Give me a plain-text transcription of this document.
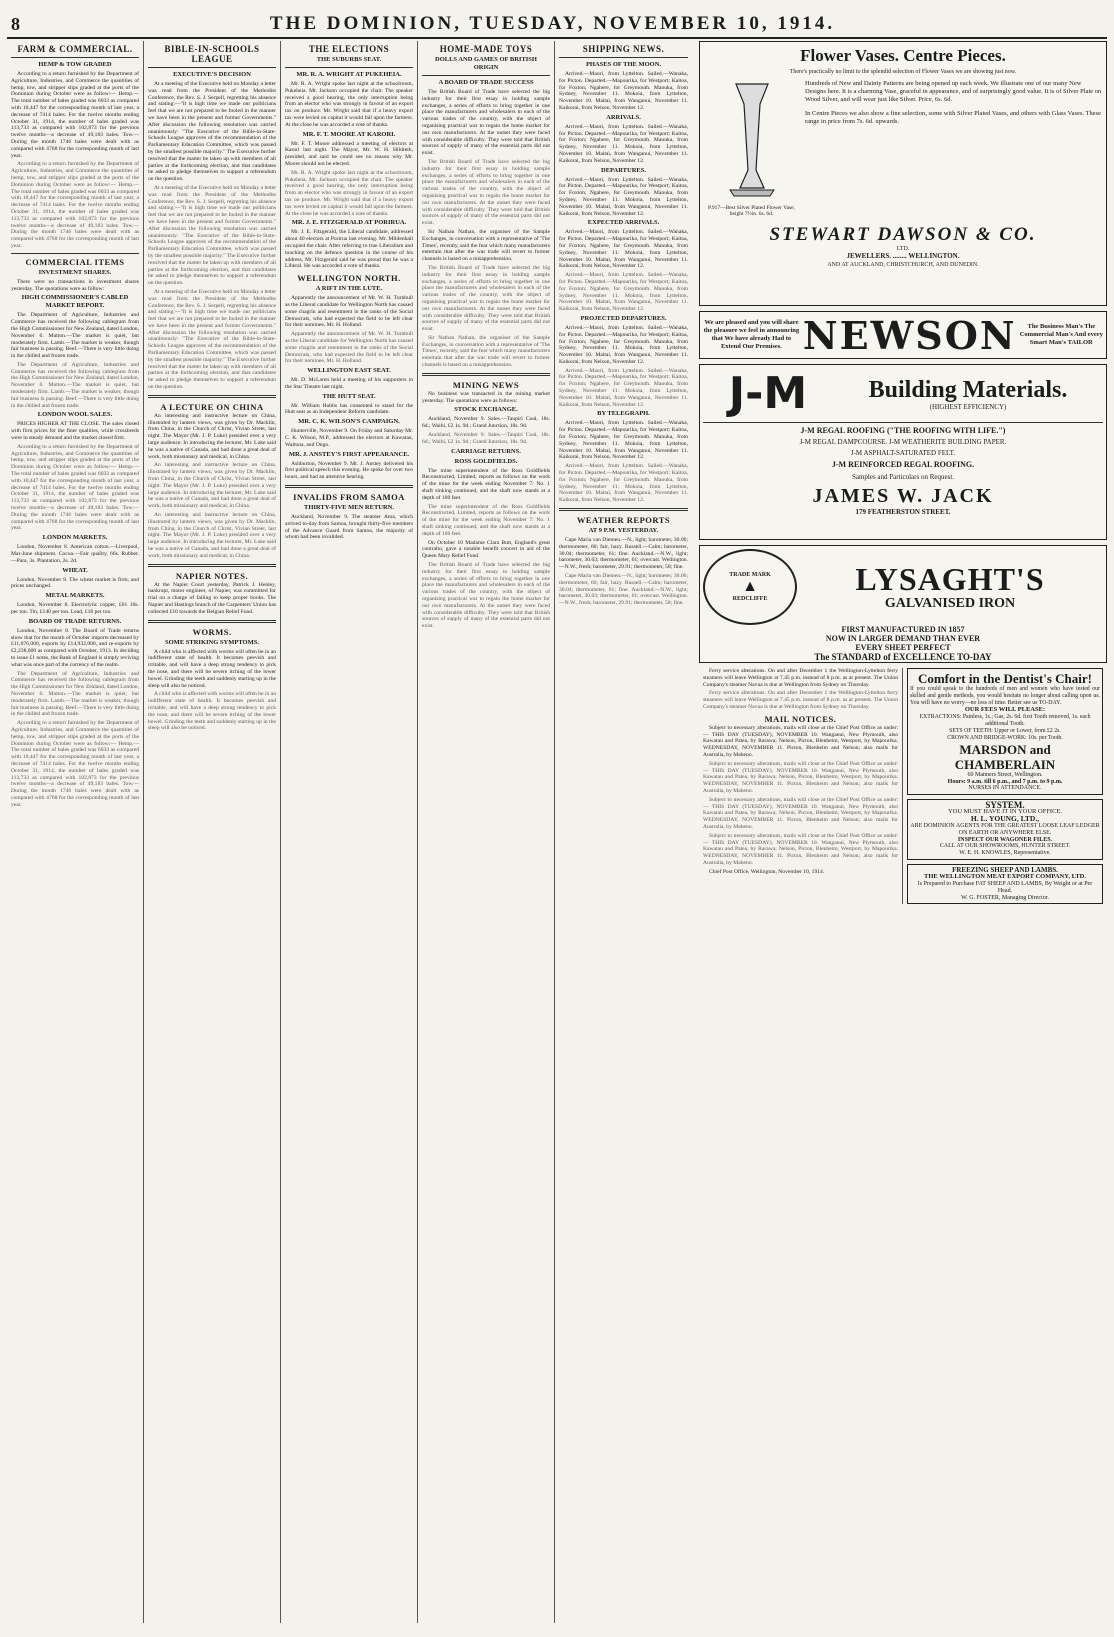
8	THE DOMINION, TUESDAY, NOVEMBER 10, 1914.
FARM & COMMERCIAL.
HEMP & TOW GRADED

According to a return furnished by the Department of Agriculture, Industries, and Commerce the quantities of hemp, tow, and stripper slips graded at the ports of the Dominion during October were as follow:— Hemp.—The total number of bales graded was 6033 as compared with 10,447 for the corresponding month of last year, a decrease of 7414 bales. For the twelve months ending October 31, 1914, the number of bales graded was 113,733 as compared with 102,873 for the previous twelve months—a decrease of 49,183 bales. Tow.—During the month 1746 bales were dealt with as compared with 4768 for the corresponding month of last year.

According to a return furnished by the Department of Agriculture, Industries, and Commerce the quantities of hemp, tow, and stripper slips graded at the ports of the Dominion during October were as follow:— Hemp.—The total number of bales graded was 6033 as compared with 10,447 for the corresponding month of last year, a decrease of 7414 bales. For the twelve months ending October 31, 1914, the number of bales graded was 113,733 as compared with 102,873 for the previous twelve months—a decrease of 49,183 bales. Tow.—During the month 1746 bales were dealt with as compared with 4768 for the corresponding month of last year.

COMMERCIAL ITEMS
INVESTMENT SHARES.

There were no transactions in investment shares yesterday. The quotations were as follow:

HIGH COMMISSIONER'S CABLED MARKET REPORT.

The Department of Agriculture, Industries and Commerce has received the following cablegram from the High Commissioner for New Zealand, dated London, November 6. Mutton.—The market is quiet, but moderately firm. Lamb.—The market is weaker, though fair business is passing. Beef.—There is very little doing in the chilled and frozen trade.

The Department of Agriculture, Industries and Commerce has received the following cablegram from the High Commissioner for New Zealand, dated London, November 6. Mutton.—The market is quiet, but moderately firm. Lamb.—The market is weaker, though fair business is passing. Beef.—There is very little doing in the chilled and frozen trade.

LONDON WOOL SALES.

PRICES HIGHER AT THE CLOSE. The sales closed with firm prices for the finer qualities, while crossbreds were in steady demand and the market closed firm.

According to a return furnished by the Department of Agriculture, Industries, and Commerce the quantities of hemp, tow, and stripper slips graded at the ports of the Dominion during October were as follow:— Hemp.—The total number of bales graded was 6033 as compared with 10,447 for the corresponding month of last year, a decrease of 7414 bales. For the twelve months ending October 31, 1914, the number of bales graded was 113,733 as compared with 102,873 for the previous twelve months—a decrease of 49,183 bales. Tow.—During the month 1746 bales were dealt with as compared with 4768 for the corresponding month of last year.

LONDON MARKETS.

London, November 8. American cotton.—Liverpool, Mar-June shipment. Cocoa.—Fair quality, 66s. Rubber.—Para, 3s. Plantation, 2s. 2d.

WHEAT.

London, November 8. The wheat market is firm, and prices unchanged.

METAL MARKETS.

London, November 8. Electrolytic copper, £61 10s. per ton. Tin, £140 per ton. Lead, £18 per ton.

BOARD OF TRADE RETURNS.

London, November 8. The Board of Trade returns show that for the month of October imports decreased by £11,076,000, exports by £14,932,000, and re-exports by £2,238,000 as compared with October, 1913. In deciding to issue £1 notes, the Bank of England is simply reviving what was once part of the currency of the realm.

The Department of Agriculture, Industries and Commerce has received the following cablegram from the High Commissioner for New Zealand, dated London, November 6. Mutton.—The market is quiet, but moderately firm. Lamb.—The market is weaker, though fair business is passing. Beef.—There is very little doing in the chilled and frozen trade.

According to a return furnished by the Department of Agriculture, Industries, and Commerce the quantities of hemp, tow, and stripper slips graded at the ports of the Dominion during October were as follow:— Hemp.—The total number of bales graded was 6033 as compared with 10,447 for the corresponding month of last year, a decrease of 7414 bales. For the twelve months ending October 31, 1914, the number of bales graded was 113,733 as compared with 102,873 for the previous twelve months—a decrease of 49,183 bales. Tow.—During the month 1746 bales were dealt with as compared with 4768 for the corresponding month of last year.

BIBLE-IN-SCHOOLS LEAGUE
EXECUTIVE'S DECISION

At a meeting of the Executive held on Monday a letter was read from the President of the Methodist Conference, the Rev. S. J. Serpell, regretting his absence and stating:—"It is high time we made our politicians feel that we are not prepared to be fooled in the manner we have been in the present and former Governments." After discussion the following resolution was carried unanimously: "The Executive of the Bible-in-State-Schools League approves of the recommendation of the Parliamentary Education Committee, which was passed by the smallest possible majority." The Executive further resolved that the matter be taken up with members of all parties at the forthcoming election, and that candidates be asked to pledge themselves to support a referendum on the question.

At a meeting of the Executive held on Monday a letter was read from the President of the Methodist Conference, the Rev. S. J. Serpell, regretting his absence and stating:—"It is high time we made our politicians feel that we are not prepared to be fooled in the manner we have been in the present and former Governments." After discussion the following resolution was carried unanimously: "The Executive of the Bible-in-State-Schools League approves of the recommendation of the Parliamentary Education Committee, which was passed by the smallest possible majority." The Executive further resolved that the matter be taken up with members of all parties at the forthcoming election, and that candidates be asked to pledge themselves to support a referendum on the question.

At a meeting of the Executive held on Monday a letter was read from the President of the Methodist Conference, the Rev. S. J. Serpell, regretting his absence and stating:—"It is high time we made our politicians feel that we are not prepared to be fooled in the manner we have been in the present and former Governments." After discussion the following resolution was carried unanimously: "The Executive of the Bible-in-State-Schools League approves of the recommendation of the Parliamentary Education Committee, which was passed by the smallest possible majority." The Executive further resolved that the matter be taken up with members of all parties at the forthcoming election, and that candidates be asked to pledge themselves to support a referendum on the question.

A LECTURE ON CHINA

An interesting and instructive lecture on China, illustrated by lantern views, was given by Dr. Macklin, from China, in the Church of Christ, Vivian Street, last night. The Mayor (Mr. J. P. Luke) presided over a very large audience. In introducing the lecturer, Mr. Luke said he was a native of Canada, and had done a great deal of work, both missionary and medical, in China.

An interesting and instructive lecture on China, illustrated by lantern views, was given by Dr. Macklin, from China, in the Church of Christ, Vivian Street, last night. The Mayor (Mr. J. P. Luke) presided over a very large audience. In introducing the lecturer, Mr. Luke said he was a native of Canada, and had done a great deal of work, both missionary and medical, in China.

An interesting and instructive lecture on China, illustrated by lantern views, was given by Dr. Macklin, from China, in the Church of Christ, Vivian Street, last night. The Mayor (Mr. J. P. Luke) presided over a very large audience. In introducing the lecturer, Mr. Luke said he was a native of Canada, and had done a great deal of work, both missionary and medical, in China.

NAPIER NOTES.

At the Napier Court yesterday, Patrick J. Henley, bankrupt, motor engineer, of Napier, was committed for trial on a charge of failing to keep proper books. The Napier and Hastings branch of the Carpenters' Union has collected £10 towards the Belgian Relief Fund.

WORMS.
SOME STRIKING SYMPTOMS.

A child who is affected with worms will often be in an indifferent state of health. It becomes peevish and irritable, and will have a deep strong tendency to pick the nose, and there will be severe itching of the lower bowel. Grinding the teeth and suddenly starting up in the sleep will also be noticed.

A child who is affected with worms will often be in an indifferent state of health. It becomes peevish and irritable, and will have a deep strong tendency to pick the nose, and there will be severe itching of the lower bowel. Grinding the teeth and suddenly starting up in the sleep will also be noticed.

THE ELECTIONS
THE SUBURBS SEAT.
MR. R. A. WRIGHT AT PUKEHEIA.

Mr. R. A. Wright spoke last night at the schoolroom, Pukeheia. Mr. Jackson occupied the chair. The speaker received a good hearing, the only interruption being from an elector who was strongly in favour of an export tax on produce. Mr. Wright said that if a heavy export tax were levied on capital it would fall upon the farmers. At the close he was accorded a vote of thanks.

MR. F. T. MOORE AT KARORI.

Mr. F. T. Moore addressed a meeting of electors at Karori last night. The Mayor, Mr. W. H. Hildreth, presided, and said he could see no reason why Mr. Moore should not be elected.

Mr. R. A. Wright spoke last night at the schoolroom, Pukeheia. Mr. Jackson occupied the chair. The speaker received a good hearing, the only interruption being from an elector who was strongly in favour of an export tax on produce. Mr. Wright said that if a heavy export tax were levied on capital it would fall upon the farmers. At the close he was accorded a vote of thanks.

MR. J. E. FITZGERALD AT PORIRUA.

Mr. J. E. Fitzgerald, the Liberal candidate, addressed about 40 electors at Porirua last evening. Mr. Mildenhall occupied the chair. After referring to true Liberalism and touching on the defence question in the course of his address, Mr. Fitzgerald said he was proud that he was a Liberal. He was accorded a vote of thanks.

WELLINGTON NORTH.
A RIFT IN THE LUTE.

Apparently the announcement of Mr. W. H. Turnbull as the Liberal candidate for Wellington North has caused some chagrin and resentment in the ranks of the Social Democrats, who had expected the field to be left clear for their nominee, Mr. H. Holland.

Apparently the announcement of Mr. W. H. Turnbull as the Liberal candidate for Wellington North has caused some chagrin and resentment in the ranks of the Social Democrats, who had expected the field to be left clear for their nominee, Mr. H. Holland.

WELLINGTON EAST SEAT.

Mr. D. McLaren held a meeting of his supporters in the Star Theatre last night.

THE HUTT SEAT.

Mr. William Hobbs has consented to stand for the Hutt seat as an Independent Reform candidate.

MR. C. K. WILSON'S CAMPAIGN.

Hunterville, November 9. On Friday and Saturday Mr. C. K. Wilson, M.P., addressed the electors at Kawatau, Waituna, and Ongo.

MR. J. ANSTEY'S FIRST APPEARANCE.

Ashburton, November 9. Mr. J. Anstey delivered his first political speech this evening. He spoke for over two hours, and had an attentive hearing.

INVALIDS FROM SAMOA
THIRTY-FIVE MEN RETURN.

Auckland, November 9. The steamer Atua, which arrived to-day from Samoa, brought thirty-five members of the Advance Guard from Samoa, the majority of whom had been invalided.

HOME-MADE TOYS
DOLLS AND GAMES OF BRITISH ORIGIN
A BOARD OF TRADE SUCCESS

The British Board of Trade have selected the big industry for their first essay in holding sample exchanges, a series of efforts to bring together in one place the manufacturers and wholesalers in each of the various trades of the country, with the object of organising practical war to regain the home market for our own manufacturers. At the outset they were faced with considerable difficulty. They were told that British sources of supply of many of the essential parts did not exist.

The British Board of Trade have selected the big industry for their first essay in holding sample exchanges, a series of efforts to bring together in one place the manufacturers and wholesalers in each of the various trades of the country, with the object of organising practical war to regain the home market for our own manufacturers. At the outset they were faced with considerable difficulty. They were told that British sources of supply of many of the essential parts did not exist.

Sir Nathan Nathan, the organiser of the Sample Exchanges, in conversation with a representative of 'The Times', recently, said the fear which many manufacturers entertain that after the war trade will revert to former channels is based on a misapprehension.

The British Board of Trade have selected the big industry for their first essay in holding sample exchanges, a series of efforts to bring together in one place the manufacturers and wholesalers in each of the various trades of the country, with the object of organising practical war to regain the home market for our own manufacturers. At the outset they were faced with considerable difficulty. They were told that British sources of supply of many of the essential parts did not exist.

Sir Nathan Nathan, the organiser of the Sample Exchanges, in conversation with a representative of 'The Times', recently, said the fear which many manufacturers entertain that after the war trade will revert to former channels is based on a misapprehension.

MINING NEWS

No business was transacted in the mining market yesterday. The quotations were as follows:

STOCK EXCHANGE.

Auckland, November 9. Sales.—Taupiri Coal, 18s. 6d.; Waihi, £2 1s. 9d.; Grand Junction, 18s. 9d.

Auckland, November 9. Sales.—Taupiri Coal, 18s. 6d.; Waihi, £2 1s. 9d.; Grand Junction, 18s. 9d.

CARRIAGE RETURNS.
ROSS GOLDFIELDS.

The mine superintendent of the Ross Goldfields Reconstructed, Limited, reports as follows on the work of the mine for the week ending November 7: No. 1 shaft sinking continued, and the shaft now stands at a depth of 100 feet.

The mine superintendent of the Ross Goldfields Reconstructed, Limited, reports as follows on the work of the mine for the week ending November 7: No. 1 shaft sinking continued, and the shaft now stands at a depth of 100 feet.

On October 10 Madame Clara Butt, England's great contralto, gave a notable benefit concert in aid of the Queen Mary Relief Fund.

The British Board of Trade have selected the big industry for their first essay in holding sample exchanges, a series of efforts to bring together in one place the manufacturers and wholesalers in each of the various trades of the country, with the object of organising practical war to regain the home market for our own manufacturers. At the outset they were faced with considerable difficulty. They were told that British sources of supply of many of the essential parts did not exist.

SHIPPING NEWS.
PHASES OF THE MOON.

Arrived.—Maori, from Lyttelton. Sailed.—Wanaka, for Picton. Departed.—Mapourika, for Westport; Kaitoa, for Foxton; Ngahere, for Greymouth. Manuka, from Sydney, November 11. Mokoia, from Lyttelton, November 10. Maitai, from Wanganui, November 11. Kaikorai, from Nelson, November 12.

ARRIVALS.

Arrived.—Maori, from Lyttelton. Sailed.—Wanaka, for Picton. Departed.—Mapourika, for Westport; Kaitoa, for Foxton; Ngahere, for Greymouth. Manuka, from Sydney, November 11. Mokoia, from Lyttelton, November 10. Maitai, from Wanganui, November 11. Kaikorai, from Nelson, November 12.

DEPARTURES.

Arrived.—Maori, from Lyttelton. Sailed.—Wanaka, for Picton. Departed.—Mapourika, for Westport; Kaitoa, for Foxton; Ngahere, for Greymouth. Manuka, from Sydney, November 11. Mokoia, from Lyttelton, November 10. Maitai, from Wanganui, November 11. Kaikorai, from Nelson, November 12.

EXPECTED ARRIVALS.

Arrived.—Maori, from Lyttelton. Sailed.—Wanaka, for Picton. Departed.—Mapourika, for Westport; Kaitoa, for Foxton; Ngahere, for Greymouth. Manuka, from Sydney, November 11. Mokoia, from Lyttelton, November 10. Maitai, from Wanganui, November 11. Kaikorai, from Nelson, November 12.

Arrived.—Maori, from Lyttelton. Sailed.—Wanaka, for Picton. Departed.—Mapourika, for Westport; Kaitoa, for Foxton; Ngahere, for Greymouth. Manuka, from Sydney, November 11. Mokoia, from Lyttelton, November 10. Maitai, from Wanganui, November 11. Kaikorai, from Nelson, November 12.

PROJECTED DEPARTURES.

Arrived.—Maori, from Lyttelton. Sailed.—Wanaka, for Picton. Departed.—Mapourika, for Westport; Kaitoa, for Foxton; Ngahere, for Greymouth. Manuka, from Sydney, November 11. Mokoia, from Lyttelton, November 10. Maitai, from Wanganui, November 11. Kaikorai, from Nelson, November 12.

Arrived.—Maori, from Lyttelton. Sailed.—Wanaka, for Picton. Departed.—Mapourika, for Westport; Kaitoa, for Foxton; Ngahere, for Greymouth. Manuka, from Sydney, November 11. Mokoia, from Lyttelton, November 10. Maitai, from Wanganui, November 11. Kaikorai, from Nelson, November 12.

BY TELEGRAPH.

Arrived.—Maori, from Lyttelton. Sailed.—Wanaka, for Picton. Departed.—Mapourika, for Westport; Kaitoa, for Foxton; Ngahere, for Greymouth. Manuka, from Sydney, November 11. Mokoia, from Lyttelton, November 10. Maitai, from Wanganui, November 11. Kaikorai, from Nelson, November 12.

Arrived.—Maori, from Lyttelton. Sailed.—Wanaka, for Picton. Departed.—Mapourika, for Westport; Kaitoa, for Foxton; Ngahere, for Greymouth. Manuka, from Sydney, November 11. Mokoia, from Lyttelton, November 10. Maitai, from Wanganui, November 11. Kaikorai, from Nelson, November 12.

WEATHER REPORTS
AT 9 P.M. YESTERDAY.

Cape Maria van Diemen.—N., light; barometer, 30.06; thermometer, 60; fair, hazy. Russell.—Calm; barometer, 30.04; thermometer, 61; fine. Auckland.—N.W., light; barometer, 30.03; thermometer, 61; overcast. Wellington.—N.W., fresh; barometer, 29.91; thermometer, 58; fine.

Cape Maria van Diemen.—N., light; barometer, 30.06; thermometer, 60; fair, hazy. Russell.—Calm; barometer, 30.04; thermometer, 61; fine. Auckland.—N.W., light; barometer, 30.03; thermometer, 61; overcast. Wellington.—N.W., fresh; barometer, 29.91; thermometer, 58; fine.

Flower Vases. Centre Pieces.
There's practically no limit to the splendid selection of Flower Vases we are showing just now.
P.917—Best Silver Plated Flower Vase, height 7½in. 6s. 6d.
Hundreds of New and Dainty Patterns are being opened up each week. We illustrate one of our many New Designs here. It is a charming Vase, graceful in appearance, and of surprisingly good value. It is of Silver Plate on Wood Silver, and will wear just like Silver. Price, 6s. 6d.
In Centre Pieces we also show a fine selection, some with Silver Plated Vases, and others with Glass Vases. These range in price from 7s. 6d. upwards.
STEWART DAWSON & CO.
LTD.
JEWELLERS. ........ WELLINGTON.
AND AT AUCKLAND, CHRISTCHURCH, AND DUNEDIN.
We are pleased and you will share the pleasure we feel in announcing that We have already Had to Extend Our Premises. NEWSON	The Business Man's The Commercial Man's And every Smart Man's TAILOR
J-M	Building Materials.
(HIGHEST EFFICIENCY)
J-M REGAL ROOFING ("THE ROOFING WITH LIFE.")
J-M REGAL DAMPCOURSE. J-M WEATHERITE BUILDING PAPER.
J-M ASPHALT-SATURATED FELT.
J-M REINFORCED REGAL ROOFING.
Samples and Particulars on Request.
JAMES W. JACK
179 FEATHERSTON STREET.
TRADE MARK
▲
REDCLIFFE
LYSAGHT'S
GALVANISED IRON
FIRST MANUFACTURED IN 1857
NOW IN LARGER DEMAND THAN EVER
EVERY SHEET PERFECT
The STANDARD of EXCELLENCE TO-DAY

Ferry service alterations. On and after December 1 the Wellington-Lyttelton ferry steamers will leave Wellington at 7.45 p.m. instead of 8 p.m. as at present. The Union Company's steamer Navua is due at Wellington from Sydney on Thursday.

Ferry service alterations. On and after December 1 the Wellington-Lyttelton ferry steamers will leave Wellington at 7.45 p.m. instead of 8 p.m. as at present. The Union Company's steamer Navua is due at Wellington from Sydney on Thursday.

MAIL NOTICES.

Subject to necessary alterations, mails will close at the Chief Post Office as under:— THIS DAY (TUESDAY), NOVEMBER 10. Wanganui, New Plymouth, also Kawatau and Patea, by Rarawa; Nelson, Picton, Blenheim, Westport, by Mapourika. WEDNESDAY, NOVEMBER 11. Picton, Blenheim and Nelson; also mails for Australia, by Maheno.

Subject to necessary alterations, mails will close at the Chief Post Office as under:— THIS DAY (TUESDAY), NOVEMBER 10. Wanganui, New Plymouth, also Kawatau and Patea, by Rarawa; Nelson, Picton, Blenheim, Westport, by Mapourika. WEDNESDAY, NOVEMBER 11. Picton, Blenheim and Nelson; also mails for Australia, by Maheno.

Subject to necessary alterations, mails will close at the Chief Post Office as under:— THIS DAY (TUESDAY), NOVEMBER 10. Wanganui, New Plymouth, also Kawatau and Patea, by Rarawa; Nelson, Picton, Blenheim, Westport, by Mapourika. WEDNESDAY, NOVEMBER 11. Picton, Blenheim and Nelson; also mails for Australia, by Maheno.

Subject to necessary alterations, mails will close at the Chief Post Office as under:— THIS DAY (TUESDAY), NOVEMBER 10. Wanganui, New Plymouth, also Kawatau and Patea, by Rarawa; Nelson, Picton, Blenheim, Westport, by Mapourika. WEDNESDAY, NOVEMBER 11. Picton, Blenheim and Nelson; also mails for Australia, by Maheno.

Chief Post Office, Wellington, November 10, 1914.

Comfort in the Dentist's Chair!
If you could speak to the hundreds of men and women who have tested our skilled and gentle methods, you would hesitate no longer about calling upon us. You will have no worry—no loss of time. Better see us TO-DAY.
OUR FEES WILL PLEASE:
EXTRACTIONS: Painless, 1s.; Gas, 2s. 6d. first Tooth removed, 1s. each additional Tooth.
SETS OF TEETH: Upper or Lower, from £2 2s.
CROWN AND BRIDGE-WORK: 10s. per Tooth.
MARSDON and CHAMBERLAIN
60 Manners Street, Wellington.
Hours: 9 a.m. till 6 p.m., and 7 p.m. to 9 p.m.
NURSES IN ATTENDANCE.
SYSTEM.
YOU MUST HAVE IT IN YOUR OFFICE.
H. L. YOUNG, LTD.,
ARE DOMINION AGENTS FOR THE GREATEST LOOSE LEAF LEDGER ON EARTH OR ANYWHERE ELSE.
INSPECT OUR WAGONER FILES.
CALL AT OUR SHOWROOMS, HUNTER STREET.
W. E. H. KNOWLES, Representative.
FREEZING SHEEP AND LAMBS.
THE WELLINGTON MEAT EXPORT COMPANY, LTD.
Is Prepared to Purchase FAT SHEEP AND LAMBS, By Weight or at Per Head.
W. G. FOSTER, Managing Director.
